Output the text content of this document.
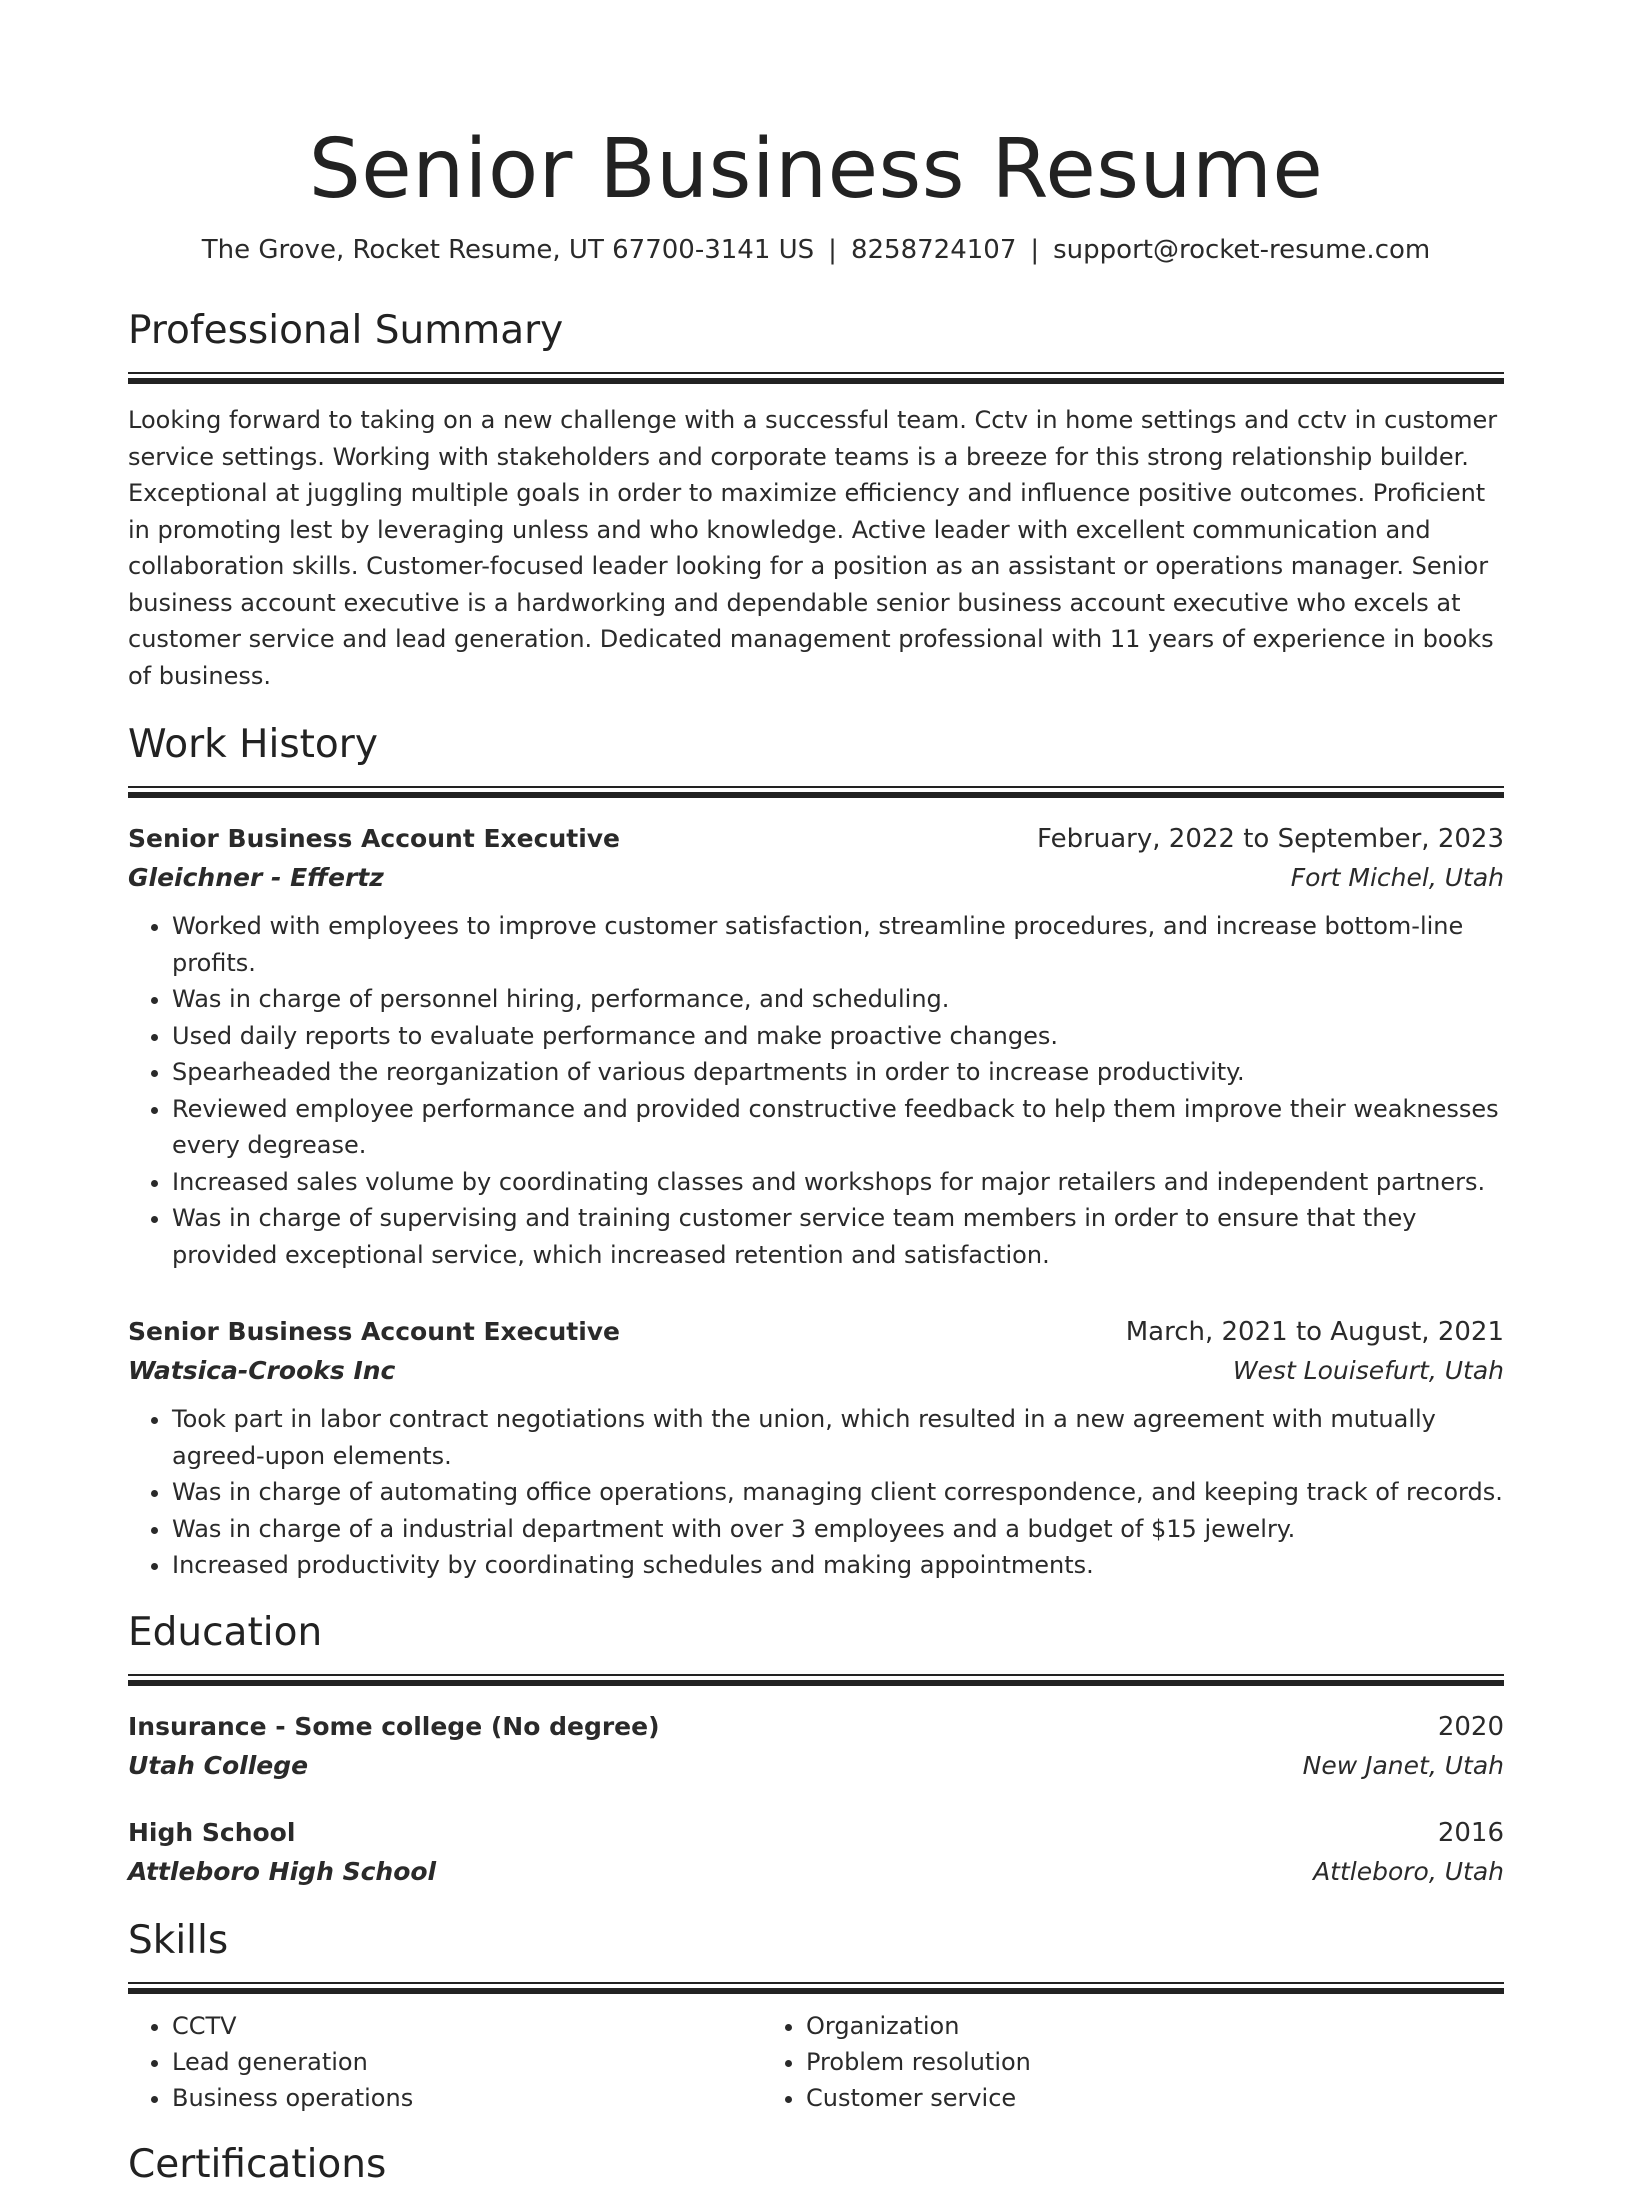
Senior Business Resume
The Grove, Rocket Resume, UT 67700-3141 US | 8258724107 | support@rocket-resume.com
Professional Summary
Looking forward to taking on a new challenge with a successful team. Cctv in home settings and cctv in customer service settings. Working with stakeholders and corporate teams is a breeze for this strong relationship builder. Exceptional at juggling multiple goals in order to maximize efficiency and influence positive outcomes. Proficient in promoting lest by leveraging unless and who knowledge. Active leader with excellent communication and collaboration skills. Customer-focused leader looking for a position as an assistant or operations manager. Senior business account executive is a hardworking and dependable senior business account executive who excels at customer service and lead generation. Dedicated management professional with 11 years of experience in books of business.
Work History
Senior Business Account Executive	February, 2022 to September, 2023
Gleichner - Effertz	Fort Michel, Utah
• Worked with employees to improve customer satisfaction, streamline procedures, and increase bottom-line profits.
• Was in charge of personnel hiring, performance, and scheduling.
• Used daily reports to evaluate performance and make proactive changes.
• Spearheaded the reorganization of various departments in order to increase productivity.
• Reviewed employee performance and provided constructive feedback to help them improve their weaknesses every degrease.
• Increased sales volume by coordinating classes and workshops for major retailers and independent partners.
• Was in charge of supervising and training customer service team members in order to ensure that they provided exceptional service, which increased retention and satisfaction.
Senior Business Account Executive	March, 2021 to August, 2021
Watsica-Crooks Inc	West Louisefurt, Utah
• Took part in labor contract negotiations with the union, which resulted in a new agreement with mutually agreed-upon elements.
• Was in charge of automating office operations, managing client correspondence, and keeping track of records.
• Was in charge of a industrial department with over 3 employees and a budget of $15 jewelry.
• Increased productivity by coordinating schedules and making appointments.
Education
Insurance - Some college (No degree)	2020
Utah College	New Janet, Utah
High School	2016
Attleboro High School	Attleboro, Utah
Skills
• CCTV
• Lead generation
• Business operations
• Organization
• Problem resolution
• Customer service
Certifications
